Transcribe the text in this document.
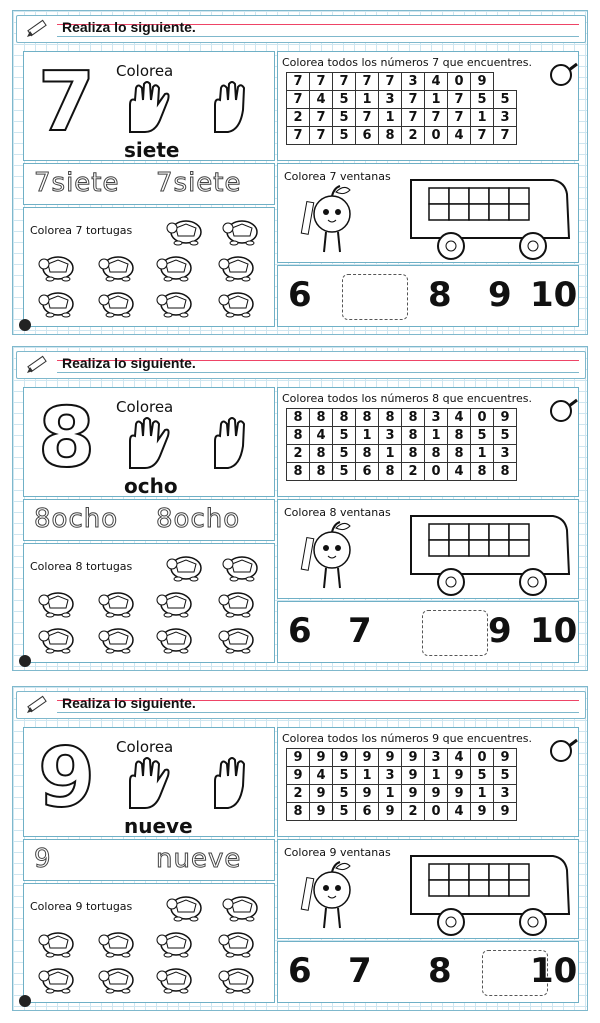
Realiza lo siguiente.
7 Colorea
siete
7siete 7siete
Colorea 7 tortugas
Colorea todos los números 7 que encuentres.
7	7	7	7	7	3	4	0	9	
7	4	5	1	3	7	1	7	5	5
2	7	5	7	1	7	7	7	1	3
7	7	5	6	8	2	0	4	7	7
Colorea 7 ventanas
6	8 9 10
Realiza lo siguiente.
8 Colorea
ocho
8ocho 8ocho
Colorea 8 tortugas
Colorea todos los números 8 que encuentres.
8	8	8	8	8	8	3	4	0	9
8	4	5	1	3	8	1	8	5	5
2	8	5	8	1	8	8	8	1	3
8	8	5	6	8	2	0	4	8	8
Colorea 8 ventanas
6 7	9 10
Realiza lo siguiente.
9 Colorea
nueve
9	nueve
Colorea 9 tortugas
Colorea todos los números 9 que encuentres.
9	9	9	9	9	9	3	4	0	9
9	4	5	1	3	9	1	9	5	5
2	9	5	9	1	9	9	9	1	3
8	9	5	6	9	2	0	4	9	9
Colorea 9 ventanas
6 7 8 10
